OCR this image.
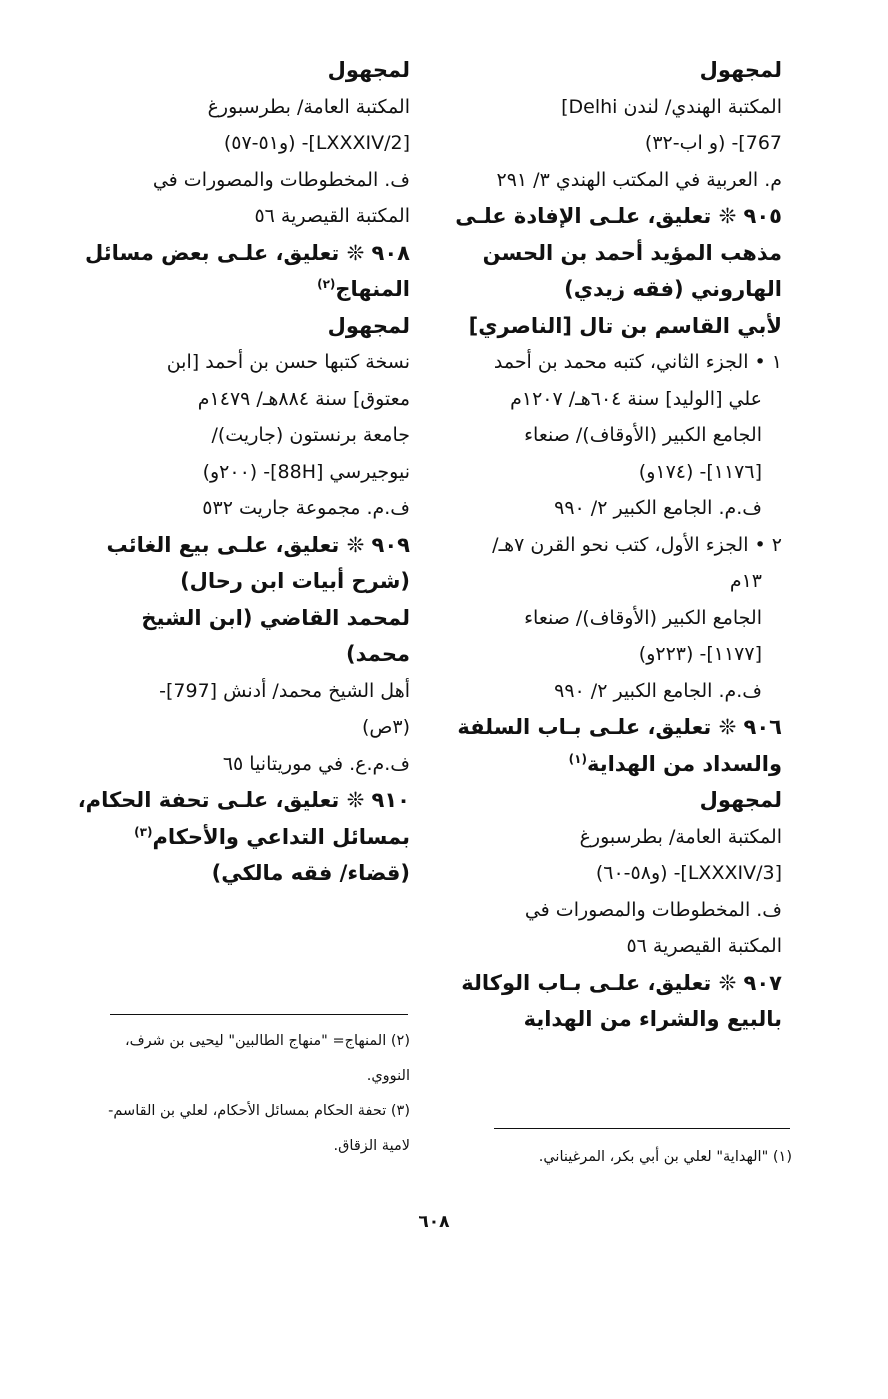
لمجهول
المكتبة الهندي/ لندن Delhi]
767]- (و اب-٣٢)
م. العربية في المكتب الهندي ٣/ ٢٩١
٩٠٥ ❊ تعليق، علـى الإفادة علـى
مذهب المؤيد أحمد بن الحسن
الهاروني (فقه زيدي)
لأبي القاسم بن تال [الناصري]
١ • الجزء الثاني، كتبه محمد بن أحمد
علي [الوليد] سنة ٦٠٤هـ/ ١٢٠٧م
الجامع الكبير (الأوقاف)/ صنعاء
[١١٧٦]- (١٧٤و)
ف.م. الجامع الكبير ٢/ ٩٩٠
٢ • الجزء الأول، كتب نحو القرن ٧هـ/
١٣م
الجامع الكبير (الأوقاف)/ صنعاء
[١١٧٧]- (٢٢٣و)
ف.م. الجامع الكبير ٢/ ٩٩٠
٩٠٦ ❊ تعليق، علـى بـاب السلفة
والسداد من الهداية$^{(١)}$
لمجهول
المكتبة العامة/ بطرسبورغ
[LXXXIV/3]- (و٥٨-٦٠)
ف. المخطوطات والمصورات في
المكتبة القيصرية ٥٦
٩٠٧ ❊ تعليق، علـى بـاب الوكالة
بالبيع والشراء من الهداية
لمجهول
المكتبة العامة/ بطرسبورغ
[LXXXIV/2]- (و٥١-٥٧)
ف. المخطوطات والمصورات في
المكتبة القيصرية ٥٦
٩٠٨ ❊ تعليق، علـى بعض مسائل
المنهاج$^{(٢)}$
لمجهول
نسخة كتبها حسن بن أحمد [ابن
معتوق] سنة ٨٨٤هـ/ ١٤٧٩م
جامعة برنستون (جاريت)/
نيوجيرسي [88H]- (٢٠٠و)
ف.م. مجموعة جاريت ٥٣٢
٩٠٩ ❊ تعليق، علـى بيع الغائب
(شرح أبيات ابن رحال)
لمحمد القاضي (ابن الشيخ
محمد)
أهل الشيخ محمد/ أدنش [797]-
(٣ص)
ف.م.ع. في موريتانيا ٦٥
٩١٠ ❊ تعليق، علـى تحفة الحكام،
بمسائل التداعي والأحكام$^{(٣)}$
(قضاء/ فقه مالكي)
(٢) المنهاج= "منهاج الطالبين" ليحيى بن شرف،
النووي.
(٣) تحفة الحكام بمسائل الأحكام، لعلي بن القاسم-
لامية الزقاق.
(١) "الهداية" لعلي بن أبي بكر، المرغيناني.
٦٠٨
